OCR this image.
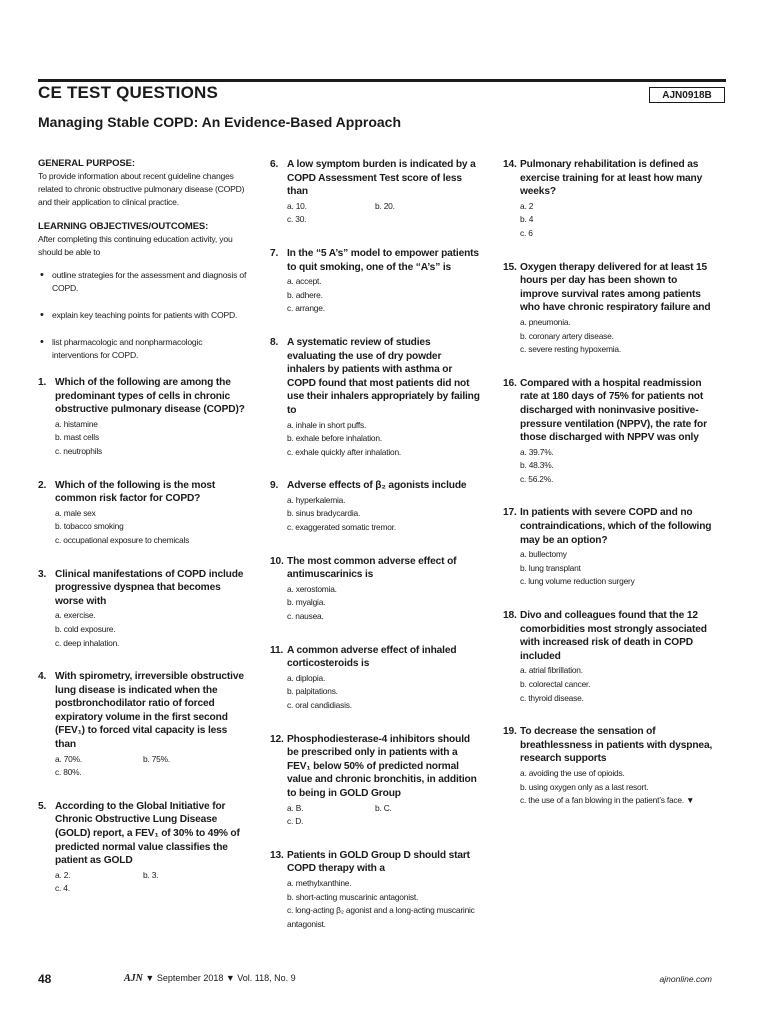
CE TEST QUESTIONS	AJN0918B
Managing Stable COPD: An Evidence-Based Approach
GENERAL PURPOSE:
To provide information about recent guideline changes related to chronic obstructive pulmonary disease (COPD) and their application to clinical practice.
LEARNING OBJECTIVES/OUTCOMES:
After completing this continuing education activity, you should be able to
• outline strategies for the assessment and diagnosis of COPD.
• explain key teaching points for patients with COPD.
• list pharmacologic and nonpharmacologic interventions for COPD.
1. Which of the following are among the predominant types of cells in chronic obstructive pulmonary disease (COPD)?
a. histamine
b. mast cells
c. neutrophils
2. Which of the following is the most common risk factor for COPD?
a. male sex
b. tobacco smoking
c. occupational exposure to chemicals
3. Clinical manifestations of COPD include progressive dyspnea that becomes worse with
a. exercise.
b. cold exposure.
c. deep inhalation.
4. With spirometry, irreversible obstructive lung disease is indicated when the postbronchodilator ratio of forced expiratory volume in the first second (FEV₁) to forced vital capacity is less than
a. 70%.	b. 75%.
c. 80%.
5. According to the Global Initiative for Chronic Obstructive Lung Disease (GOLD) report, a FEV₁ of 30% to 49% of predicted normal value classifies the patient as GOLD
a. 2.	b. 3.
c. 4.
6. A low symptom burden is indicated by a COPD Assessment Test score of less than
a. 10.	b. 20.
c. 30.
7. In the “5 A’s” model to empower patients to quit smoking, one of the “A’s” is
a. accept.
b. adhere.
c. arrange.
8. A systematic review of studies evaluating the use of dry powder inhalers by patients with asthma or COPD found that most patients did not use their inhalers appropriately by failing to
a. inhale in short puffs.
b. exhale before inhalation.
c. exhale quickly after inhalation.
9. Adverse effects of β₂ agonists include
a. hyperkalemia.
b. sinus bradycardia.
c. exaggerated somatic tremor.
10. The most common adverse effect of antimuscarinics is
a. xerostomia.
b. myalgia.
c. nausea.
11. A common adverse effect of inhaled corticosteroids is
a. diplopia.
b. palpitations.
c. oral candidiasis.
12. Phosphodiesterase-4 inhibitors should be prescribed only in patients with a FEV₁ below 50% of predicted normal value and chronic bronchitis, in addition to being in GOLD Group
a. B.	b. C.
c. D.
13. Patients in GOLD Group D should start COPD therapy with a
a. methylxanthine.
b. short-acting muscarinic antagonist.
c. long-acting β₂ agonist and a long-acting muscarinic antagonist.
14. Pulmonary rehabilitation is defined as exercise training for at least how many weeks?
a. 2
b. 4
c. 6
15. Oxygen therapy delivered for at least 15 hours per day has been shown to improve survival rates among patients who have chronic respiratory failure and
a. pneumonia.
b. coronary artery disease.
c. severe resting hypoxemia.
16. Compared with a hospital readmission rate at 180 days of 75% for patients not discharged with noninvasive positive-pressure ventilation (NPPV), the rate for those discharged with NPPV was only
a. 39.7%.
b. 48.3%.
c. 56.2%.
17. In patients with severe COPD and no contraindications, which of the following may be an option?
a. bullectomy
b. lung transplant
c. lung volume reduction surgery
18. Divo and colleagues found that the 12 comorbidities most strongly associated with increased risk of death in COPD included
a. atrial fibrillation.
b. colorectal cancer.
c. thyroid disease.
19. To decrease the sensation of breathlessness in patients with dyspnea, research supports
a. avoiding the use of opioids.
b. using oxygen only as a last resort.
c. the use of a fan blowing in the patient’s face. ▼
48	AJN ▼ September 2018 ▼ Vol. 118, No. 9	ajnonline.com
